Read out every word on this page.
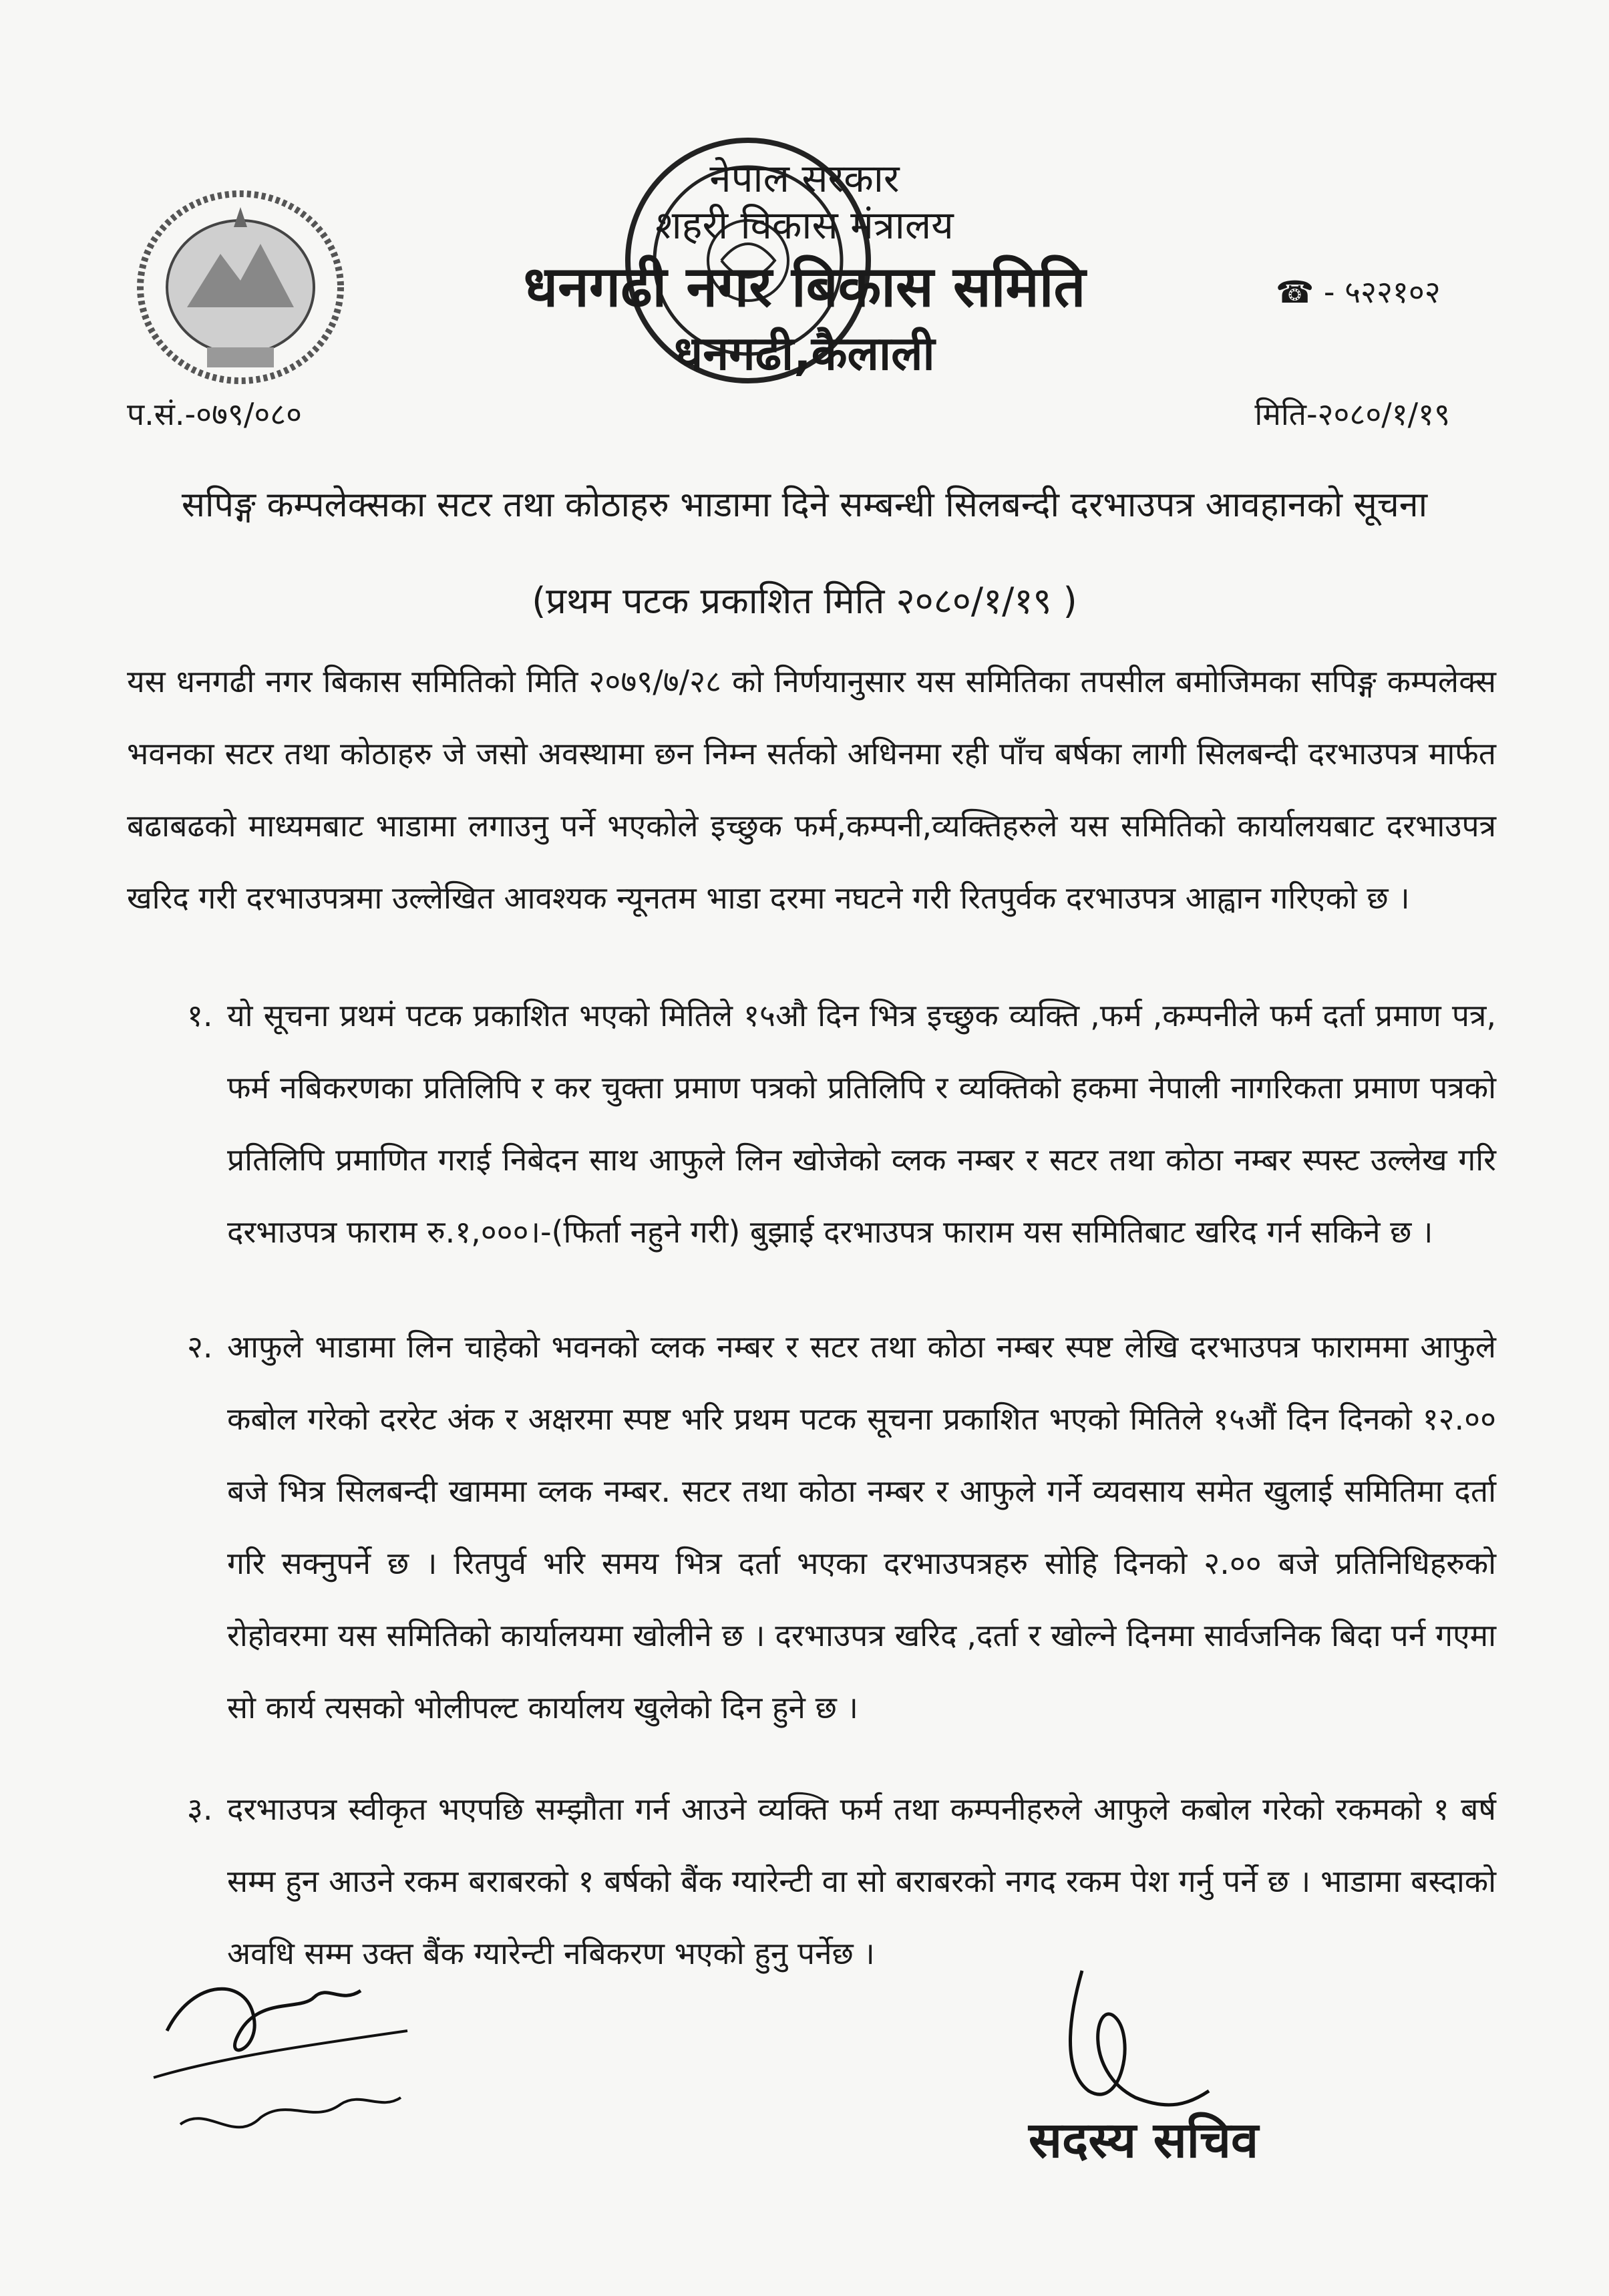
नेपाल सरकार
शहरी विकास मंत्रालय
धनगढी नगर बिकास समिति
धनगढी,कैलाली
☎ - ५२२१०२
प.सं.-०७९/०८०	मिति-२०८०/१/१९
सपिङ्ग कम्पलेक्सका सटर तथा कोठाहरु भाडामा दिने सम्बन्धी सिलबन्दी दरभाउपत्र आवहानको सूचना
(प्रथम पटक प्रकाशित मिति २०८०/१/१९ )
यस धनगढी नगर बिकास समितिको मिति २०७९/७/२८ को निर्णयानुसार यस समितिका तपसील बमोजिमका सपिङ्ग कम्पलेक्स भवनका सटर तथा कोठाहरु जे जसो अवस्थामा छन निम्न सर्तको अधिनमा रही पाँच बर्षका लागी सिलबन्दी दरभाउपत्र मार्फत बढाबढको माध्यमबाट भाडामा लगाउनु पर्ने भएकोले इच्छुक फर्म,कम्पनी,व्यक्तिहरुले यस समितिको कार्यालयबाट दरभाउपत्र खरिद गरी दरभाउपत्रमा उल्लेखित आवश्यक न्यूनतम भाडा दरमा नघटने गरी रितपुर्वक दरभाउपत्र आह्वान गरिएको छ ।
१. यो सूचना प्रथमं पटक प्रकाशित भएको मितिले १५औ दिन भित्र इच्छुक व्यक्ति ,फर्म ,कम्पनीले फर्म दर्ता प्रमाण पत्र, फर्म नबिकरणका प्रतिलिपि र कर चुक्ता प्रमाण पत्रको प्रतिलिपि र व्यक्तिको हकमा नेपाली नागरिकता प्रमाण पत्रको प्रतिलिपि प्रमाणित गराई निबेदन साथ आफुले लिन खोजेको व्लक नम्बर र सटर तथा कोठा नम्बर स्पस्ट उल्लेख गरि दरभाउपत्र फाराम रु.१,०००।-(फिर्ता नहुने गरी) बुझाई दरभाउपत्र फाराम यस समितिबाट खरिद गर्न सकिने छ ।
२. आफुले भाडामा लिन चाहेको भवनको व्लक नम्बर र सटर तथा कोठा नम्बर स्पष्ट लेखि दरभाउपत्र फाराममा आफुले कबोल गरेको दररेट अंक र अक्षरमा स्पष्ट भरि प्रथम पटक सूचना प्रकाशित भएको मितिले १५औं दिन दिनको १२.०० बजे भित्र सिलबन्दी खाममा व्लक नम्बर. सटर तथा कोठा नम्बर र आफुले गर्ने व्यवसाय समेत खुलाई समितिमा दर्ता गरि सक्नुपर्ने छ । रितपुर्व भरि समय भित्र दर्ता भएका दरभाउपत्रहरु सोहि दिनको २.०० बजे प्रतिनिधिहरुको रोहोवरमा यस समितिको कार्यालयमा खोलीने छ । दरभाउपत्र खरिद ,दर्ता र खोल्ने दिनमा सार्वजनिक बिदा पर्न गएमा सो कार्य त्यसको भोलीपल्ट कार्यालय खुलेको दिन हुने छ ।
३. दरभाउपत्र स्वीकृत भएपछि सम्झौता गर्न आउने व्यक्ति फर्म तथा कम्पनीहरुले आफुले कबोल गरेको रकमको १ बर्ष सम्म हुन आउने रकम बराबरको १ बर्षको बैंक ग्यारेन्टी वा सो बराबरको नगद रकम पेश गर्नु पर्ने छ । भाडामा बस्दाको अवधि सम्म उक्त बैंक ग्यारेन्टी नबिकरण भएको हुनु पर्नेछ ।
सदस्य सचिव
